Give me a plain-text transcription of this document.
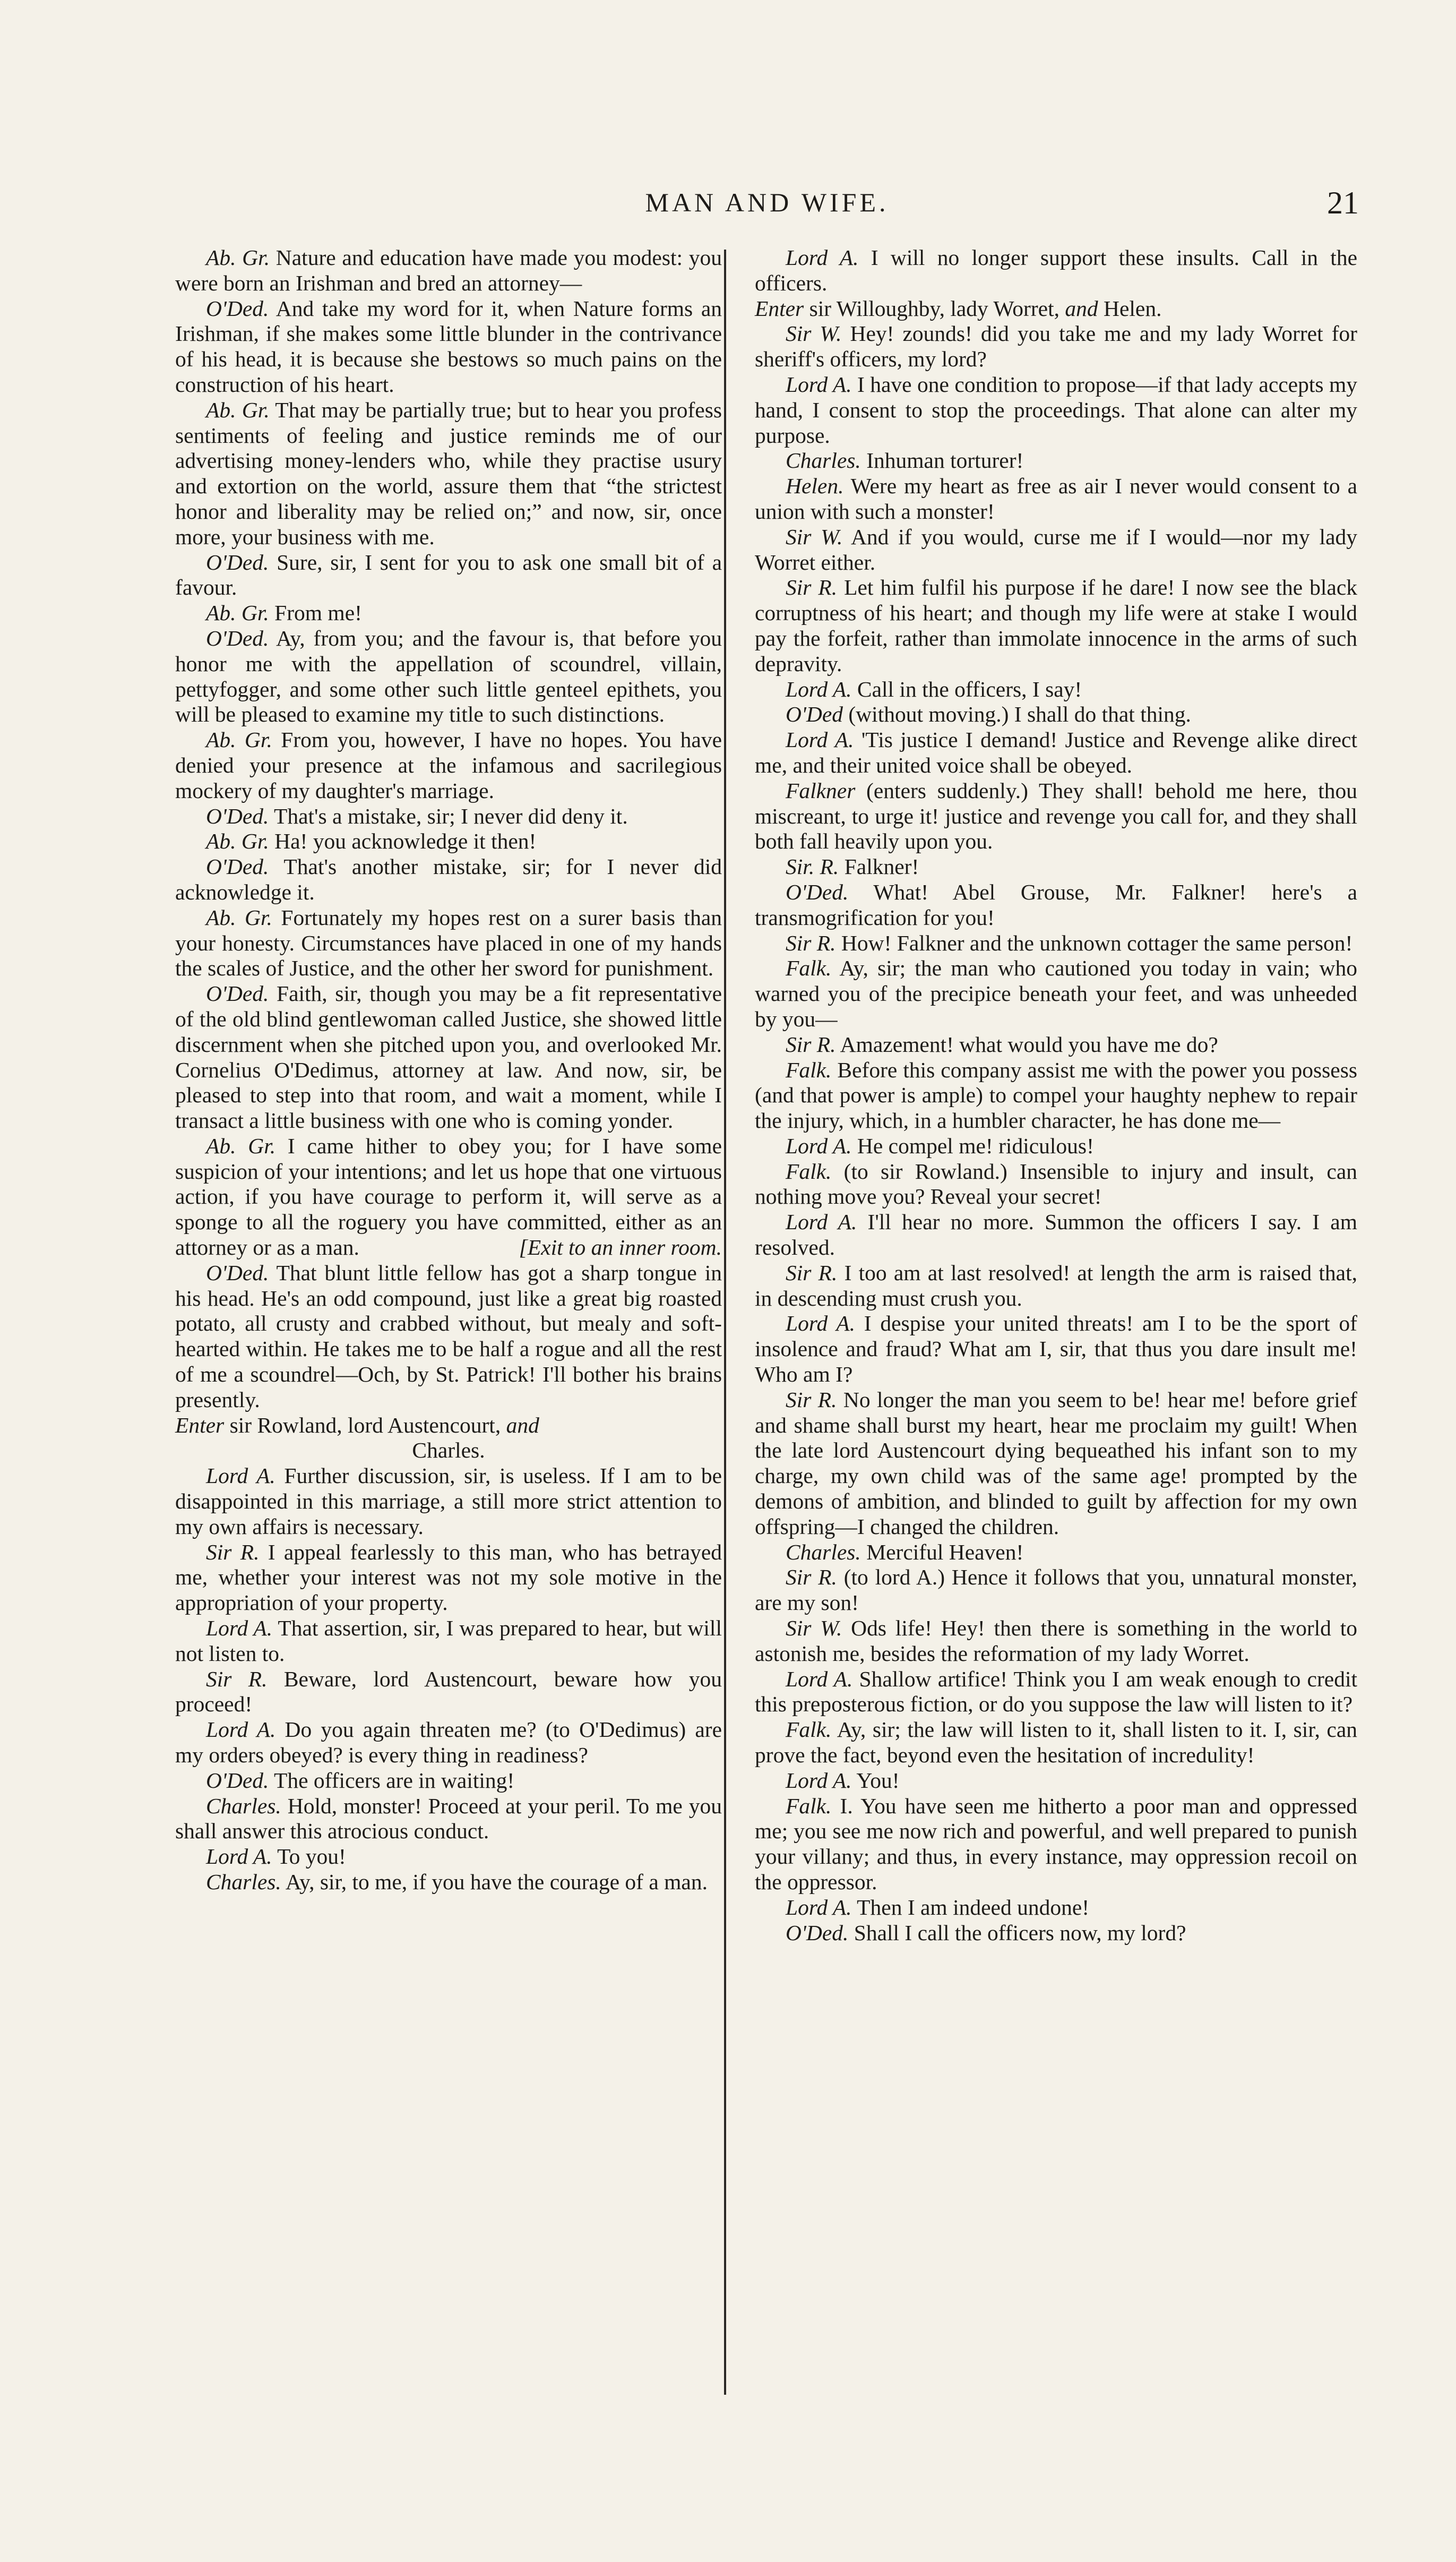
MAN AND WIFE.	21

Ab. Gr. Nature and education have made you modest: you were born an Irishman and bred an attorney—

O'Ded. And take my word for it, when Nature forms an Irishman, if she makes some little blunder in the contrivance of his head, it is because she bestows so much pains on the construction of his heart.

Ab. Gr. That may be partially true; but to hear you profess sentiments of feeling and justice reminds me of our advertising money-lenders who, while they practise usury and extortion on the world, assure them that “the strictest honor and liberality may be relied on;” and now, sir, once more, your business with me.

O'Ded. Sure, sir, I sent for you to ask one small bit of a favour.

Ab. Gr. From me!

O'Ded. Ay, from you; and the favour is, that before you honor me with the appellation of scoundrel, villain, pettyfogger, and some other such little genteel epithets, you will be pleased to examine my title to such distinctions.

Ab. Gr. From you, however, I have no hopes. You have denied your presence at the infamous and sacrilegious mockery of my daughter's marriage.

O'Ded. That's a mistake, sir; I never did deny it.

Ab. Gr. Ha! you acknowledge it then!

O'Ded. That's another mistake, sir; for I never did acknowledge it.

Ab. Gr. Fortunately my hopes rest on a surer basis than your honesty. Circumstances have placed in one of my hands the scales of Justice, and the other her sword for punishment.

O'Ded. Faith, sir, though you may be a fit representative of the old blind gentlewoman called Justice, she showed little discernment when she pitched upon you, and overlooked Mr. Cornelius O'Dedimus, attorney at law. And now, sir, be pleased to step into that room, and wait a moment, while I transact a little business with one who is coming yonder.

Ab. Gr. I came hither to obey you; for I have some suspicion of your intentions; and let us hope that one virtuous action, if you have courage to perform it, will serve as a sponge to all the roguery you have committed, either as an attorney or as a man.	[Exit to an inner room.

O'Ded. That blunt little fellow has got a sharp tongue in his head. He's an odd compound, just like a great big roasted potato, all crusty and crabbed without, but mealy and soft-hearted within. He takes me to be half a rogue and all the rest of me a scoundrel—Och, by St. Patrick! I'll bother his brains presently.

Enter sir Rowland, lord Austencourt, and
Charles.

Lord A. Further discussion, sir, is useless. If I am to be disappointed in this marriage, a still more strict attention to my own affairs is necessary.

Sir R. I appeal fearlessly to this man, who has betrayed me, whether your interest was not my sole motive in the appropriation of your property.

Lord A. That assertion, sir, I was prepared to hear, but will not listen to.

Sir R. Beware, lord Austencourt, beware how you proceed!

Lord A. Do you again threaten me? (to O'Dedimus) are my orders obeyed? is every thing in readiness?

O'Ded. The officers are in waiting!

Charles. Hold, monster! Proceed at your peril. To me you shall answer this atrocious conduct.

Lord A. To you!

Charles. Ay, sir, to me, if you have the courage of a man.

Lord A. I will no longer support these insults. Call in the officers.

Enter sir Willoughby, lady Worret, and Helen.

Sir W. Hey! zounds! did you take me and my lady Worret for sheriff's officers, my lord?

Lord A. I have one condition to propose—if that lady accepts my hand, I consent to stop the proceedings. That alone can alter my purpose.

Charles. Inhuman torturer!

Helen. Were my heart as free as air I never would consent to a union with such a monster!

Sir W. And if you would, curse me if I would—nor my lady Worret either.

Sir R. Let him fulfil his purpose if he dare! I now see the black corruptness of his heart; and though my life were at stake I would pay the forfeit, rather than immolate innocence in the arms of such depravity.

Lord A. Call in the officers, I say!

O'Ded (without moving.) I shall do that thing.

Lord A. 'Tis justice I demand! Justice and Revenge alike direct me, and their united voice shall be obeyed.

Falkner (enters suddenly.) They shall! behold me here, thou miscreant, to urge it! justice and revenge you call for, and they shall both fall heavily upon you.

Sir. R. Falkner!

O'Ded. What! Abel Grouse, Mr. Falkner! here's a transmogrification for you!

Sir R. How! Falkner and the unknown cottager the same person!

Falk. Ay, sir; the man who cautioned you today in vain; who warned you of the precipice beneath your feet, and was unheeded by you—

Sir R. Amazement! what would you have me do?

Falk. Before this company assist me with the power you possess (and that power is ample) to compel your haughty nephew to repair the injury, which, in a humbler character, he has done me—

Lord A. He compel me! ridiculous!

Falk. (to sir Rowland.) Insensible to injury and insult, can nothing move you? Reveal your secret!

Lord A. I'll hear no more. Summon the officers I say. I am resolved.

Sir R. I too am at last resolved! at length the arm is raised that, in descending must crush you.

Lord A. I despise your united threats! am I to be the sport of insolence and fraud? What am I, sir, that thus you dare insult me! Who am I?

Sir R. No longer the man you seem to be! hear me! before grief and shame shall burst my heart, hear me proclaim my guilt! When the late lord Austencourt dying bequeathed his infant son to my charge, my own child was of the same age! prompted by the demons of ambition, and blinded to guilt by affection for my own offspring—I changed the children.

Charles. Merciful Heaven!

Sir R. (to lord A.) Hence it follows that you, unnatural monster, are my son!

Sir W. Ods life! Hey! then there is something in the world to astonish me, besides the reformation of my lady Worret.

Lord A. Shallow artifice! Think you I am weak enough to credit this preposterous fiction, or do you suppose the law will listen to it?

Falk. Ay, sir; the law will listen to it, shall listen to it. I, sir, can prove the fact, beyond even the hesitation of incredulity!

Lord A. You!

Falk. I. You have seen me hitherto a poor man and oppressed me; you see me now rich and powerful, and well prepared to punish your villany; and thus, in every instance, may oppression recoil on the oppressor.

Lord A. Then I am indeed undone!

O'Ded. Shall I call the officers now, my lord?
